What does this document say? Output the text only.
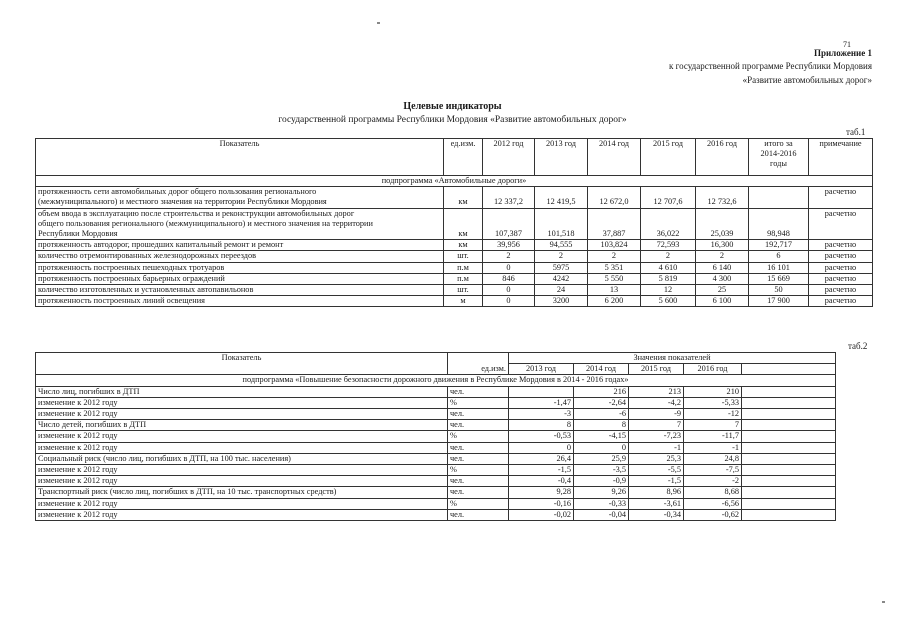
71
Приложение 1
к государственной программе Республики Мордовия
«Развитие автомобильных дорог»
Целевые индикаторы
государственной программы Республики Мордовия «Развитие автомобильных дорог»
таб.1
Показатель	ед.изм.	2012 год	2013 год	2014 год	2015 год	2016 год	итого за
2014-2016
годы	примечание
подпрограмма «Автомобильные дороги»								

протяженность сети автомобильных дорог общего пользования регионального
(межмуниципального) и местного значения на территории Республики Мордовия	км	12 337,2	12 419,5	12 672,0	12 707,6	12 732,6		расчетно

объем ввода в эксплуатацию после строительства и реконструкции автомобильных дорог
общего пользования регионального (межмуниципального) и местного значения на территории
Республики Мордовия	км	107,387	101,518	37,887	36,022	25,039	98,948	расчетно
протяженность автодорог, прошедших капитальный ремонт и ремонт	км	39,956	94,555	103,824	72,593	16,300	192,717	расчетно
количество отремонтированных железнодорожных переездов	шт.	2	2	2	2	2	6	расчетно
протяженность построенных пешеходных тротуаров	п.м	0	5975	5 351	4 610	6 140	16 101	расчетно
протяженность построенных барьерных ограждений	п.м	846	4242	5 550	5 819	4 300	15 669	расчетно
количество изготовленных и установленных автопавильонов	шт.	0	24	13	12	25	50	расчетно
протяженность построенных линий освещения	м	0	3200	6 200	5 600	6 100	17 900	расчетно
таб.2
Показатель		Значения показателей				
	ед.изм.	2013 год	2014 год	2015 год	2016 год	
подпрограмма «Повышение безопасности дорожного движения в Республике Мордовия в 2014 - 2016 годах»						
Число лиц, погибших в ДТП	чел.		216	213	210	
изменение к 2012 году	%	-1,47	-2,64	-4,2	-5,33	
изменение к 2012 году	чел.	-3	-6	-9	-12	
Число детей, погибших в ДТП	чел.	8	8	7	7	
изменение к 2012 году	%	-0,53	-4,15	-7,23	-11,7	
изменение к 2012 году	чел.	0	0	-1	-1	
Социальный риск (число лиц, погибших в ДТП, на 100 тыс. населения)	чел.	26,4	25,9	25,3	24,8	
изменение к 2012 году	%	-1,5	-3,5	-5,5	-7,5	
изменение к 2012 году	чел.	-0,4	-0,9	-1,5	-2	
Транспортный риск (число лиц, погибших в ДТП, на 10 тыс. транспортных средств)	чел.	9,28	9,26	8,96	8,68	
изменение к 2012 году	%	-0,16	-0,33	-3,61	-6,56	
изменение к 2012 году	чел.	-0,02	-0,04	-0,34	-0,62	
